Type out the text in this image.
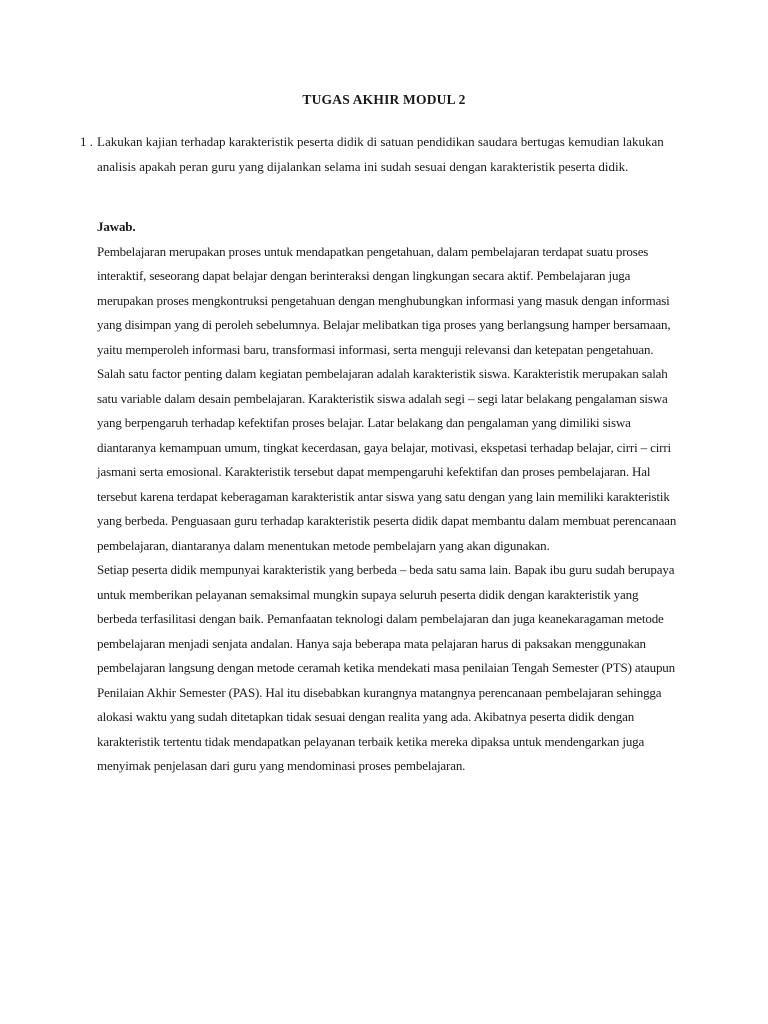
TUGAS AKHIR MODUL 2
1 . Lakukan kajian terhadap karakteristik peserta didik di satuan pendidikan saudara bertugas kemudian lakukan analisis apakah peran guru yang dijalankan selama ini sudah sesuai dengan karakteristik peserta didik.
Jawab.

Pembelajaran merupakan proses untuk mendapatkan pengetahuan, dalam pembelajaran terdapat suatu proses interaktif, seseorang dapat belajar dengan berinteraksi dengan lingkungan secara aktif. Pembelajaran juga merupakan proses mengkontruksi pengetahuan dengan menghubungkan informasi yang masuk dengan informasi yang disimpan yang di peroleh sebelumnya. Belajar melibatkan tiga proses yang berlangsung hamper bersamaan, yaitu memperoleh informasi baru, transformasi informasi, serta menguji relevansi dan ketepatan pengetahuan. Salah satu factor penting dalam kegiatan pembelajaran adalah karakteristik siswa. Karakteristik merupakan salah satu variable dalam desain pembelajaran. Karakteristik siswa adalah segi – segi latar belakang pengalaman siswa yang berpengaruh terhadap kefektifan proses belajar. Latar belakang dan pengalaman yang dimiliki siswa diantaranya kemampuan umum, tingkat kecerdasan, gaya belajar, motivasi, ekspetasi terhadap belajar, cirri – cirri jasmani serta emosional. Karakteristik tersebut dapat mempengaruhi kefektifan dan proses pembelajaran. Hal tersebut karena terdapat keberagaman karakteristik antar siswa yang satu dengan yang lain memiliki karakteristik yang berbeda. Penguasaan guru terhadap karakteristik peserta didik dapat membantu dalam membuat perencanaan pembelajaran, diantaranya dalam menentukan metode pembelajarn yang akan digunakan.

Setiap peserta didik mempunyai karakteristik yang berbeda – beda satu sama lain. Bapak ibu guru sudah berupaya untuk memberikan pelayanan semaksimal mungkin supaya seluruh peserta didik dengan karakteristik yang berbeda terfasilitasi dengan baik. Pemanfaatan teknologi dalam pembelajaran dan juga keanekaragaman metode pembelajaran menjadi senjata andalan. Hanya saja beberapa mata pelajaran harus di paksakan menggunakan pembelajaran langsung dengan metode ceramah ketika mendekati masa penilaian Tengah Semester (PTS) ataupun Penilaian Akhir Semester (PAS). Hal itu disebabkan kurangnya matangnya perencanaan pembelajaran sehingga alokasi waktu yang sudah ditetapkan tidak sesuai dengan realita yang ada. Akibatnya peserta didik dengan karakteristik tertentu tidak mendapatkan pelayanan terbaik ketika mereka dipaksa untuk mendengarkan juga menyimak penjelasan dari guru yang mendominasi proses pembelajaran.
